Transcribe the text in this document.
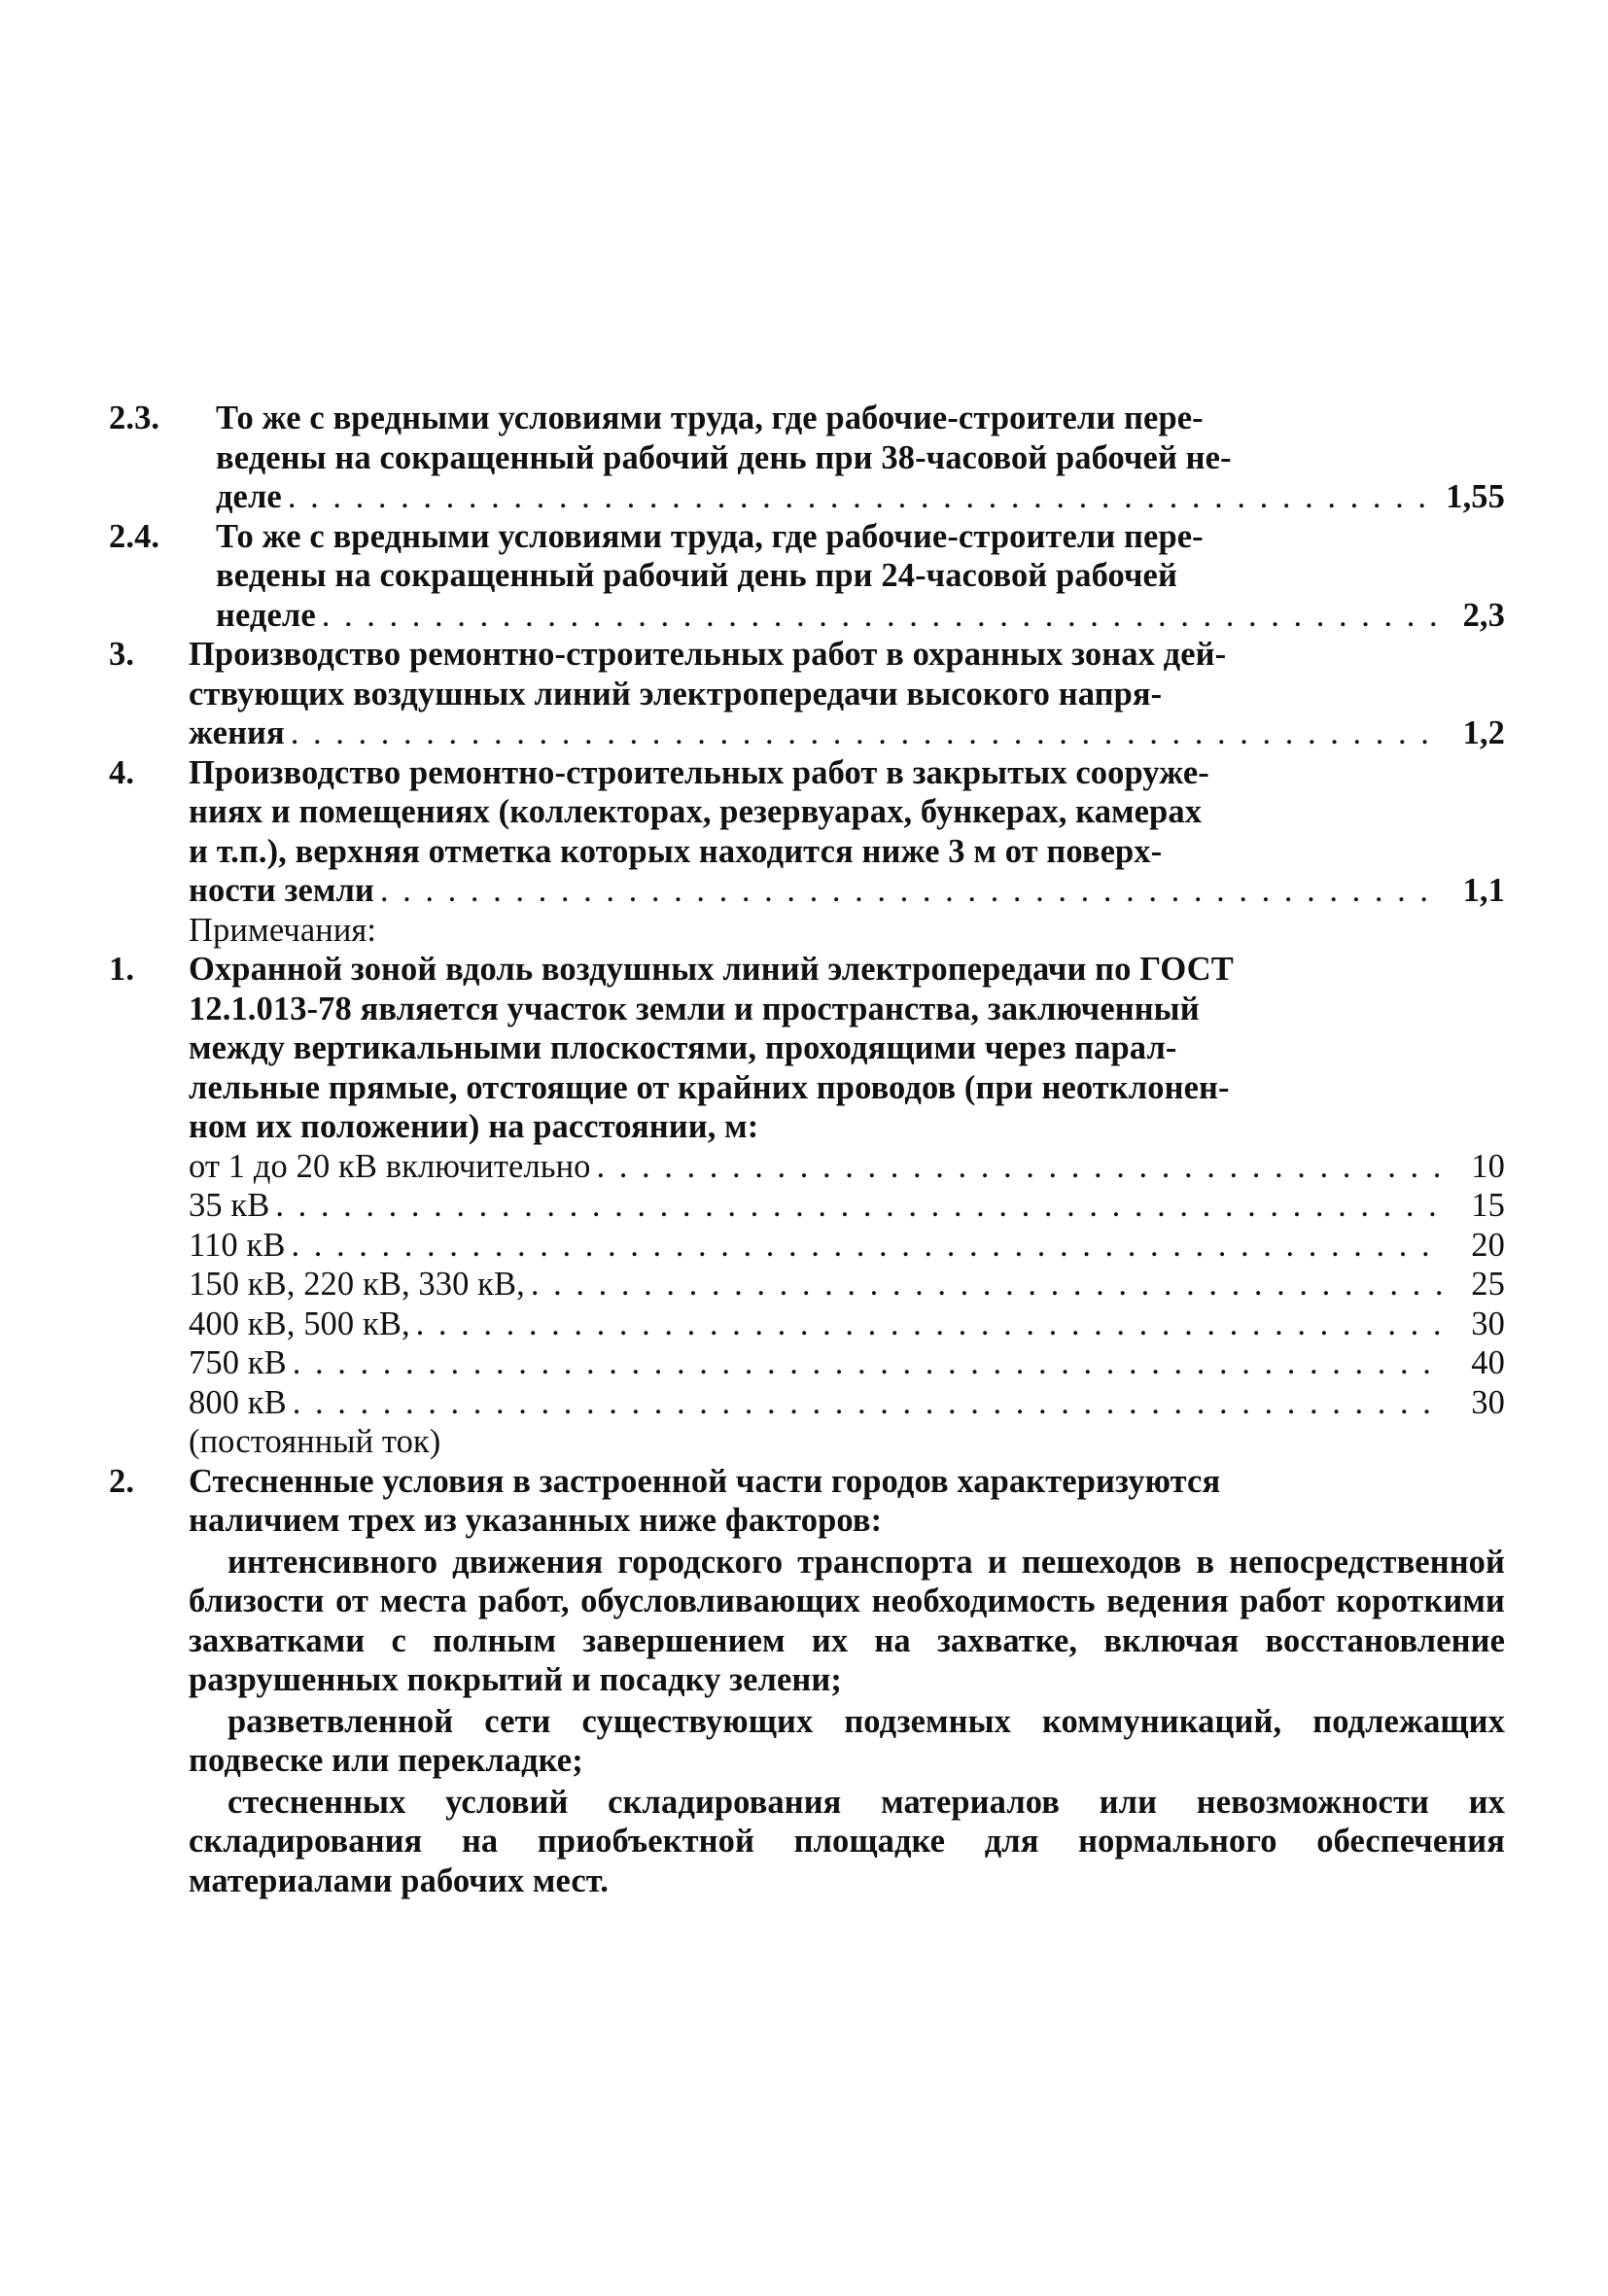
2.3.	То же с вредными условиями труда, где рабочие-строители пере-
ведены на сокращенный рабочий день при 38-часовой рабочей не-
деле . . .	1,55
2.4.	То же с вредными условиями труда, где рабочие-строители пере-
ведены на сокращенный рабочий день при 24-часовой рабочей
неделе . . .	2,3
3.	Производство ремонтно-строительных работ в охранных зонах дей-
ствующих воздушных линий электропередачи высокого напря-
жения . . .	1,2
4.	Производство ремонтно-строительных работ в закрытых сооруже-
ниях и помещениях (коллекторах, резервуарах, бункерах, камерах
и т.п.), верхняя отметка которых находится ниже 3 м от поверх-
ности земли . . .	1,1
Примечания:
1.	Охранной зоной вдоль воздушных линий электропередачи по ГОСТ
12.1.013-78 является участок земли и пространства, заключенный
между вертикальными плоскостями, проходящими через парал-
лельные прямые, отстоящие от крайних проводов (при неотклонен-
ном их положении) на расстоянии, м:
от 1 до 20 кВ включительно . . .	10
35 кВ . . .	15
110 кВ . . .	20
150 кВ, 220 кВ, 330 кВ, . . .	25
400 кВ, 500 кВ, . . .	30
750 кВ . . .	40
800 кВ . . .	30
(постоянный ток)
2.	Стесненные условия в застроенной части городов характеризуются
наличием трех из указанных ниже факторов:
интенсивного движения городского транспорта и пешеходов в непосредственной близости от места работ, обусловливающих необходимость ведения работ короткими захватками с полным завершением их на захватке, включая восстановление разрушенных покрытий и посадку зелени;
разветвленной сети существующих подземных коммуникаций, подлежащих подвеске или перекладке;
стесненных условий складирования материалов или невозможности их складирования на приобъектной площадке для нормального обеспечения материалами рабочих мест.
